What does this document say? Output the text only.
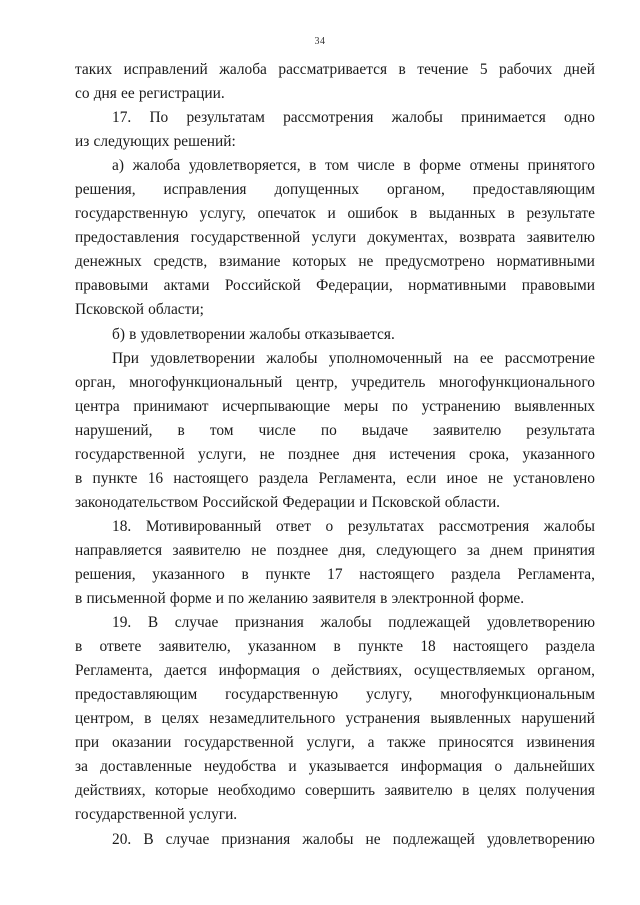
34
таких исправлений жалоба рассматривается в течение 5 рабочих дней
со дня ее регистрации.
17. По результатам рассмотрения жалобы принимается одно
из следующих решений:
а) жалоба удовлетворяется, в том числе в форме отмены принятого
решения, исправления допущенных органом, предоставляющим
государственную услугу, опечаток и ошибок в выданных в результате
предоставления государственной услуги документах, возврата заявителю
денежных средств, взимание которых не предусмотрено нормативными
правовыми актами Российской Федерации, нормативными правовыми
Псковской области;
б) в удовлетворении жалобы отказывается.
При удовлетворении жалобы уполномоченный на ее рассмотрение
орган, многофункциональный центр, учредитель многофункционального
центра принимают исчерпывающие меры по устранению выявленных
нарушений, в том числе по выдаче заявителю результата
государственной услуги, не позднее дня истечения срока, указанного
в пункте 16 настоящего раздела Регламента, если иное не установлено
законодательством Российской Федерации и Псковской области.
18. Мотивированный ответ о результатах рассмотрения жалобы
направляется заявителю не позднее дня, следующего за днем принятия
решения, указанного в пункте 17 настоящего раздела Регламента,
в письменной форме и по желанию заявителя в электронной форме.
19. В случае признания жалобы подлежащей удовлетворению
в ответе заявителю, указанном в пункте 18 настоящего раздела
Регламента, дается информация о действиях, осуществляемых органом,
предоставляющим государственную услугу, многофункциональным
центром, в целях незамедлительного устранения выявленных нарушений
при оказании государственной услуги, а также приносятся извинения
за доставленные неудобства и указывается информация о дальнейших
действиях, которые необходимо совершить заявителю в целях получения
государственной услуги.
20. В случае признания жалобы не подлежащей удовлетворению
